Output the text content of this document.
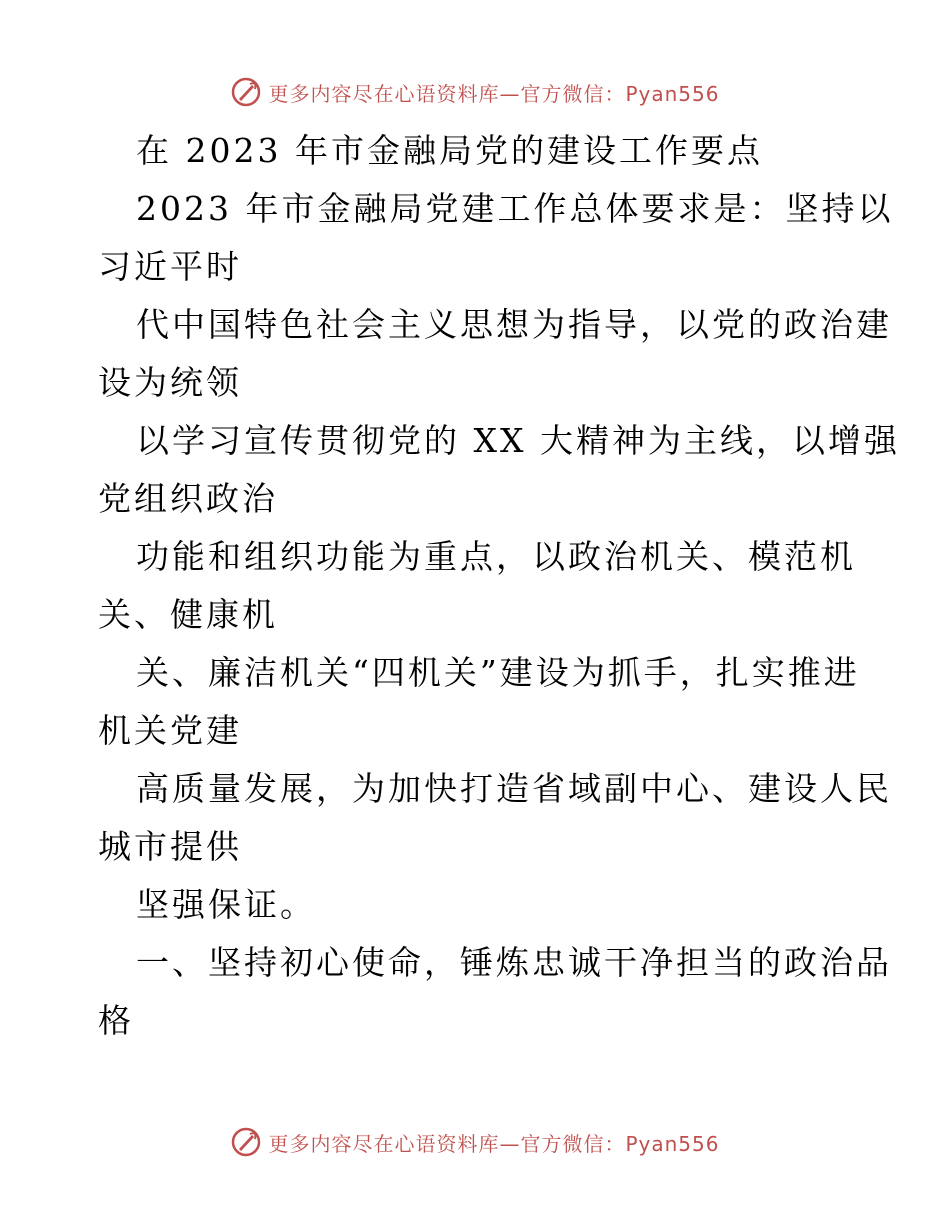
更多内容尽在心语资料库—官方微信：Pyan556
在 2023 年市金融局党的建设工作要点
2023 年市金融局党建工作总体要求是：坚持以
习近平时
代中国特色社会主义思想为指导，以党的政治建
设为统领
以学习宣传贯彻党的 XX 大精神为主线，以增强
党组织政治
功能和组织功能为重点，以政治机关、模范机
关、健康机
关、廉洁机关“四机关”建设为抓手，扎实推进
机关党建
高质量发展，为加快打造省域副中心、建设人民
城市提供
坚强保证。
一、坚持初心使命，锤炼忠诚干净担当的政治品
格
更多内容尽在心语资料库—官方微信：Pyan556
